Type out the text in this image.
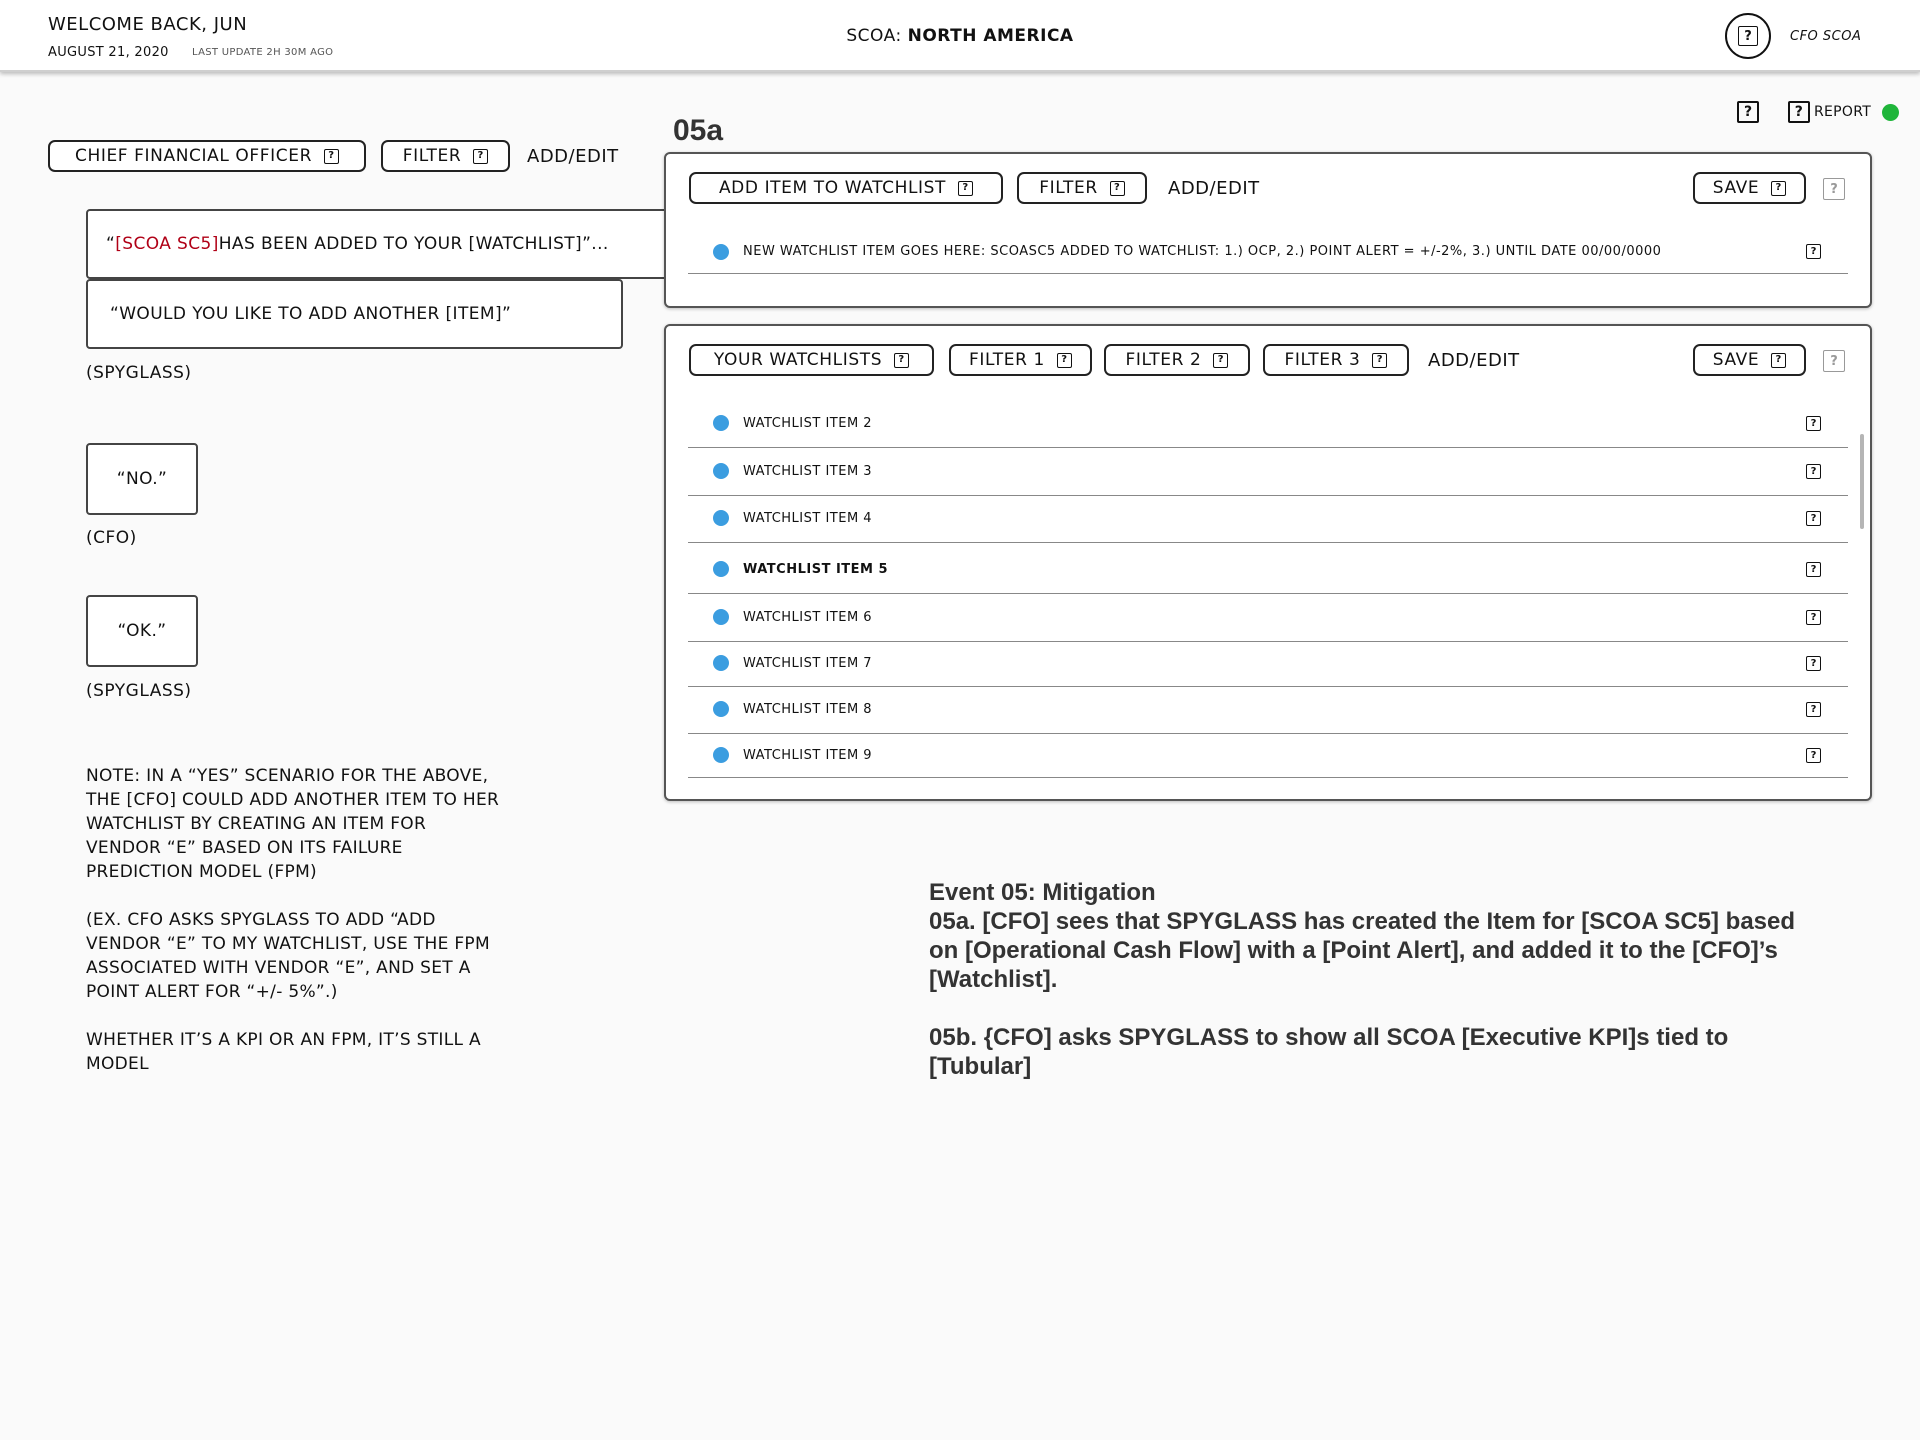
WELCOME BACK, JUN
AUGUST 21, 2020 LAST UPDATE 2H 30M AGO
SCOA: NORTH AMERICA	?	CFO SCOA
?	? REPORT
CHIEF FINANCIAL OFFICER	?	FILTER	? ADD/EDIT
“ [SCOA SC5] HAS BEEN ADDED TO YOUR [WATCHLIST]”...
“WOULD YOU LIKE TO ADD ANOTHER [ITEM]”
(SPYGLASS)
“NO.”
(CFO)
“OK.”
(SPYGLASS)
NOTE: IN A “YES” SCENARIO FOR THE ABOVE, THE [CFO] COULD ADD ANOTHER ITEM TO HER WATCHLIST BY CREATING AN ITEM FOR VENDOR “E” BASED ON ITS FAILURE PREDICTION MODEL (FPM)
(EX. CFO ASKS SPYGLASS TO ADD “ADD VENDOR “E” TO MY WATCHLIST, USE THE FPM ASSOCIATED WITH VENDOR “E”, AND SET A POINT ALERT FOR “+/- 5%”.)
WHETHER IT’S A KPI OR AN FPM, IT’S STILL A MODEL
05a
ADD ITEM TO WATCHLIST	?	FILTER	?	ADD/EDIT	SAVE	?	?
NEW WATCHLIST ITEM GOES HERE: SCOASC5 ADDED TO WATCHLIST: 1.) OCP, 2.) POINT ALERT = +/-2%, 3.) UNTIL DATE 00/00/0000	?
YOUR WATCHLISTS	?	FILTER 1	?	FILTER 2	?	FILTER 3	? ADD/EDIT	SAVE	?	?
WATCHLIST ITEM 2	?
WATCHLIST ITEM 3	?
WATCHLIST ITEM 4	?
WATCHLIST ITEM 5	?
WATCHLIST ITEM 6	?
WATCHLIST ITEM 7	?
WATCHLIST ITEM 8	?
WATCHLIST ITEM 9	?
Event 05: Mitigation

05a. [CFO] sees that SPYGLASS has created the Item for [SCOA SC5] based on [Operational Cash Flow] with a [Point Alert], and added it to the [CFO]’s [Watchlist].

05b. {CFO] asks SPYGLASS to show all SCOA [Executive KPI]s tied to [Tubular]
